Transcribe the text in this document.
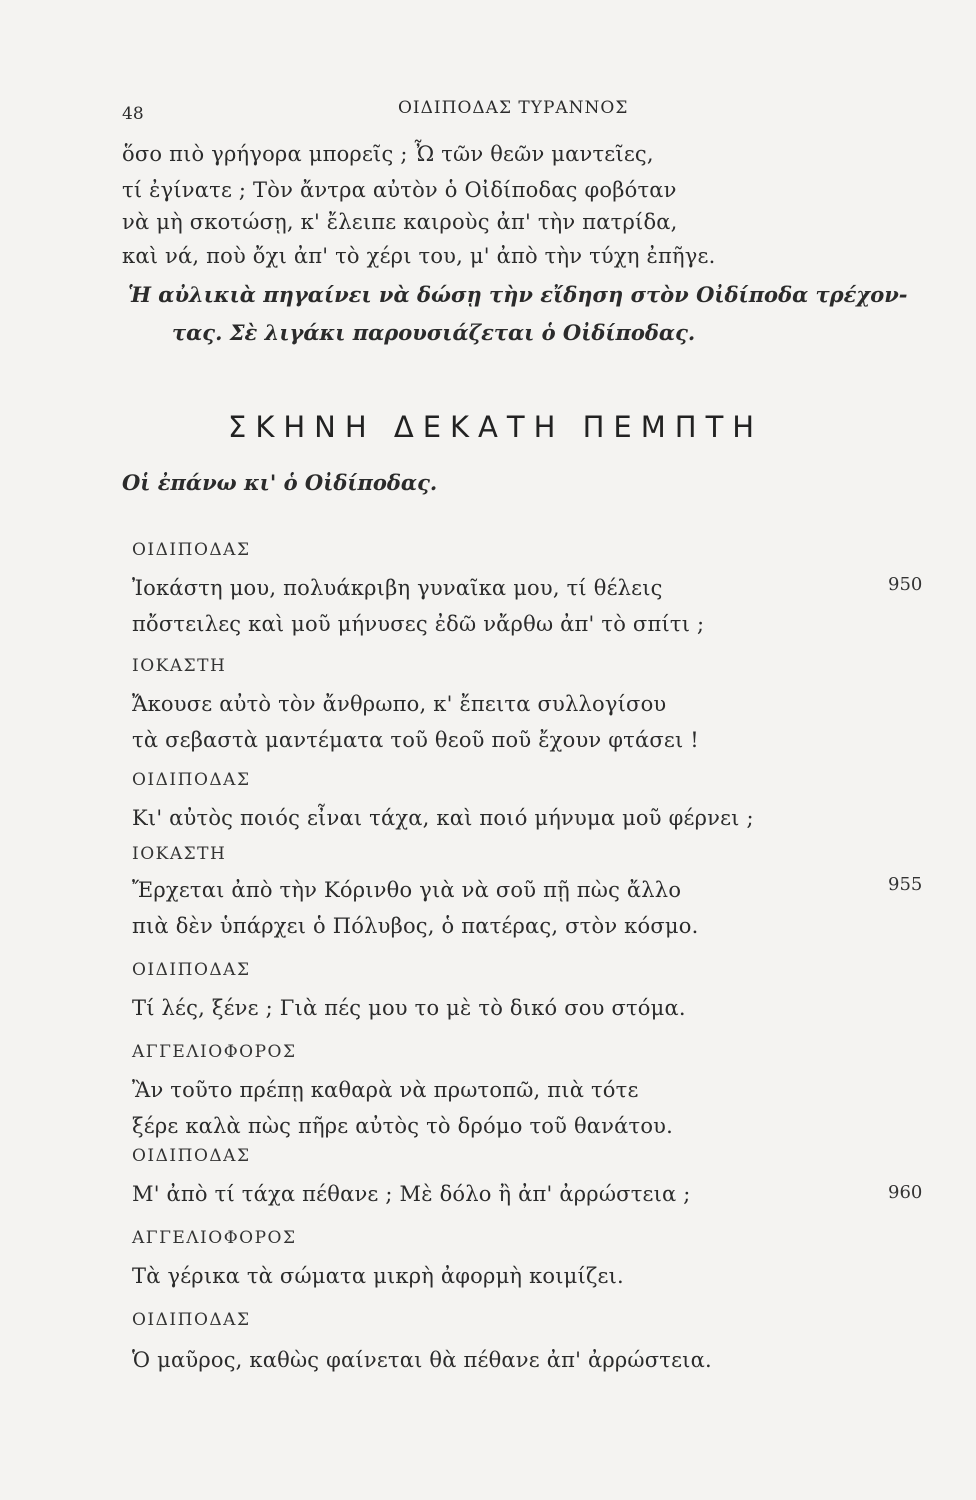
48	ΟΙΔΙΠΟΔΑΣ ΤΥΡΑΝΝΟΣ
ὅσο πιὸ γρήγορα μπορεῖς ; Ὦ τῶν θεῶν μαντεῖες,
τί ἐγίνατε ; Τὸν ἄντρα αὐτὸν ὁ Οἰδίποδας φοβόταν
νὰ μὴ σκοτώσῃ, κ' ἔλειπε καιροὺς ἀπ' τὴν πατρίδα,
καὶ νά, ποὺ ὄχι ἀπ' τὸ χέρι του, μ' ἀπὸ τὴν τύχη ἐπῆγε.
Ἡ αὐλικιὰ πηγαίνει νὰ δώσῃ τὴν εἴδηση στὸν Οἰδίποδα τρέχον-
τας. Σὲ λιγάκι παρουσιάζεται ὁ Οἰδίποδας.
ΣΚΗΝΗ ΔΕΚΑΤΗ ΠΕΜΠΤΗ
Οἱ ἐπάνω κι' ὁ Οἰδίποδας.
ΟΙΔΙΠΟΔΑΣ
Ἰοκάστη μου, πολυάκριβη γυναῖκα μου, τί θέλεις
πὄστειλες καὶ μοῦ μήνυσες ἐδῶ νἄρθω ἀπ' τὸ σπίτι ;
950
ΙΟΚΑΣΤΗ
Ἄκουσε αὐτὸ τὸν ἄνθρωπο, κ' ἔπειτα συλλογίσου
τὰ σεβαστὰ μαντέματα τοῦ θεοῦ ποῦ ἔχουν φτάσει !
ΟΙΔΙΠΟΔΑΣ
Κι' αὐτὸς ποιός εἶναι τάχα, καὶ ποιό μήνυμα μοῦ φέρνει ;
ΙΟΚΑΣΤΗ
Ἔρχεται ἀπὸ τὴν Κόρινθο γιὰ νὰ σοῦ πῇ πὼς ἄλλο
πιὰ δὲν ὑπάρχει ὁ Πόλυβος, ὁ πατέρας, στὸν κόσμο.
955
ΟΙΔΙΠΟΔΑΣ
Τί λές, ξένε ; Γιὰ πές μου το μὲ τὸ δικό σου στόμα.
ΑΓΓΕΛΙΟΦΟΡΟΣ
Ἂν τοῦτο πρέπῃ καθαρὰ νὰ πρωτοπῶ, πιὰ τότε
ξέρε καλὰ πὼς πῆρε αὐτὸς τὸ δρόμο τοῦ θανάτου.
ΟΙΔΙΠΟΔΑΣ
Μ' ἀπὸ τί τάχα πέθανε ; Μὲ δόλο ἢ ἀπ' ἀρρώστεια ;	960
ΑΓΓΕΛΙΟΦΟΡΟΣ
Τὰ γέρικα τὰ σώματα μικρὴ ἀφορμὴ κοιμίζει.
ΟΙΔΙΠΟΔΑΣ
Ὁ μαῦρος, καθὼς φαίνεται θὰ πέθανε ἀπ' ἀρρώστεια.
